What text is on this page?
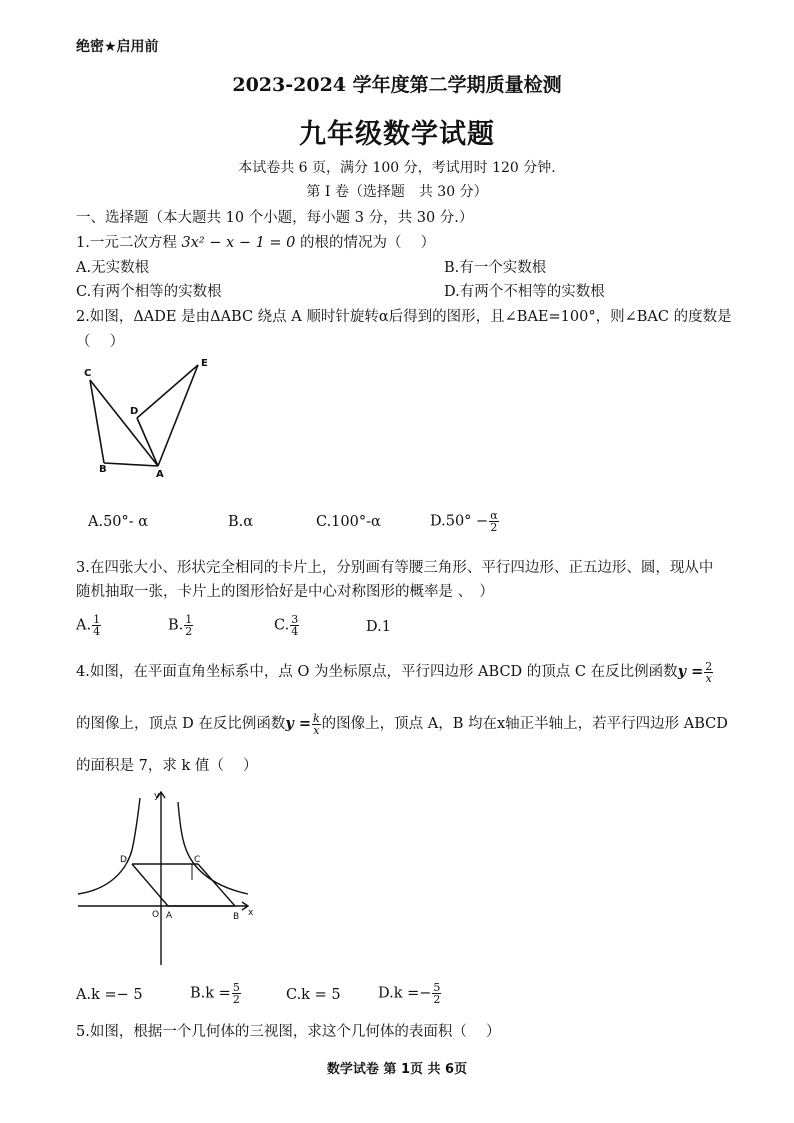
绝密★启用前
2023-2024 学年度第二学期质量检测
九年级数学试题
本试卷共 6 页，满分 100 分，考试用时 120 分钟.
第 I 卷（选择题　共 30 分）
一、选择题（本大题共 10 个小题，每小题 3 分，共 30 分.）
1.一元二次方程 3x² − x − 1 = 0 的根的情况为（　 ）
A.无实数根	B.有一个实数根
C.有两个相等的实数根	D.有两个不相等的实数根
2.如图，ΔADE 是由ΔABC 绕点 A 顺时针旋转α后得到的图形，且∠BAE=100°，则∠BAC 的度数是
（　 ）
C
E
D
B	A
A.50°- α	B.α	C.100°-α	$D.50^\circ - \frac{\alpha}{2}$
3.在四张大小、形状完全相同的卡片上，分别画有等腰三角形、平行四边形、正五边形、圆，现从中
随机抽取一张，卡片上的图形恰好是中心对称图形的概率是 、　）
A. $\frac{1}{4}$	B. $\frac{1}{2}$	C. $\frac{3}{4}$	D.1
4.如图，在平面直角坐标系中，点 O 为坐标原点，平行四边形 ABCD 的顶点 C 在反比例函数$y = \frac{2}{x}$
的图像上，顶点 D 在反比例函数$y = \frac{k}{x}$ 的图像上，顶点 A，B 均在x轴正半轴上，若平行四边形 ABCD
的面积是 7，求 k 值（　 ）
y
D	C
O A	B x
A.k =− 5	$B.k = \frac{5}{2}$	C.k = 5	$D.k =- \frac{5}{2}$
5.如图，根据一个几何体的三视图，求这个几何体的表面积（　 ）
数学试卷 第 1页 共 6页
